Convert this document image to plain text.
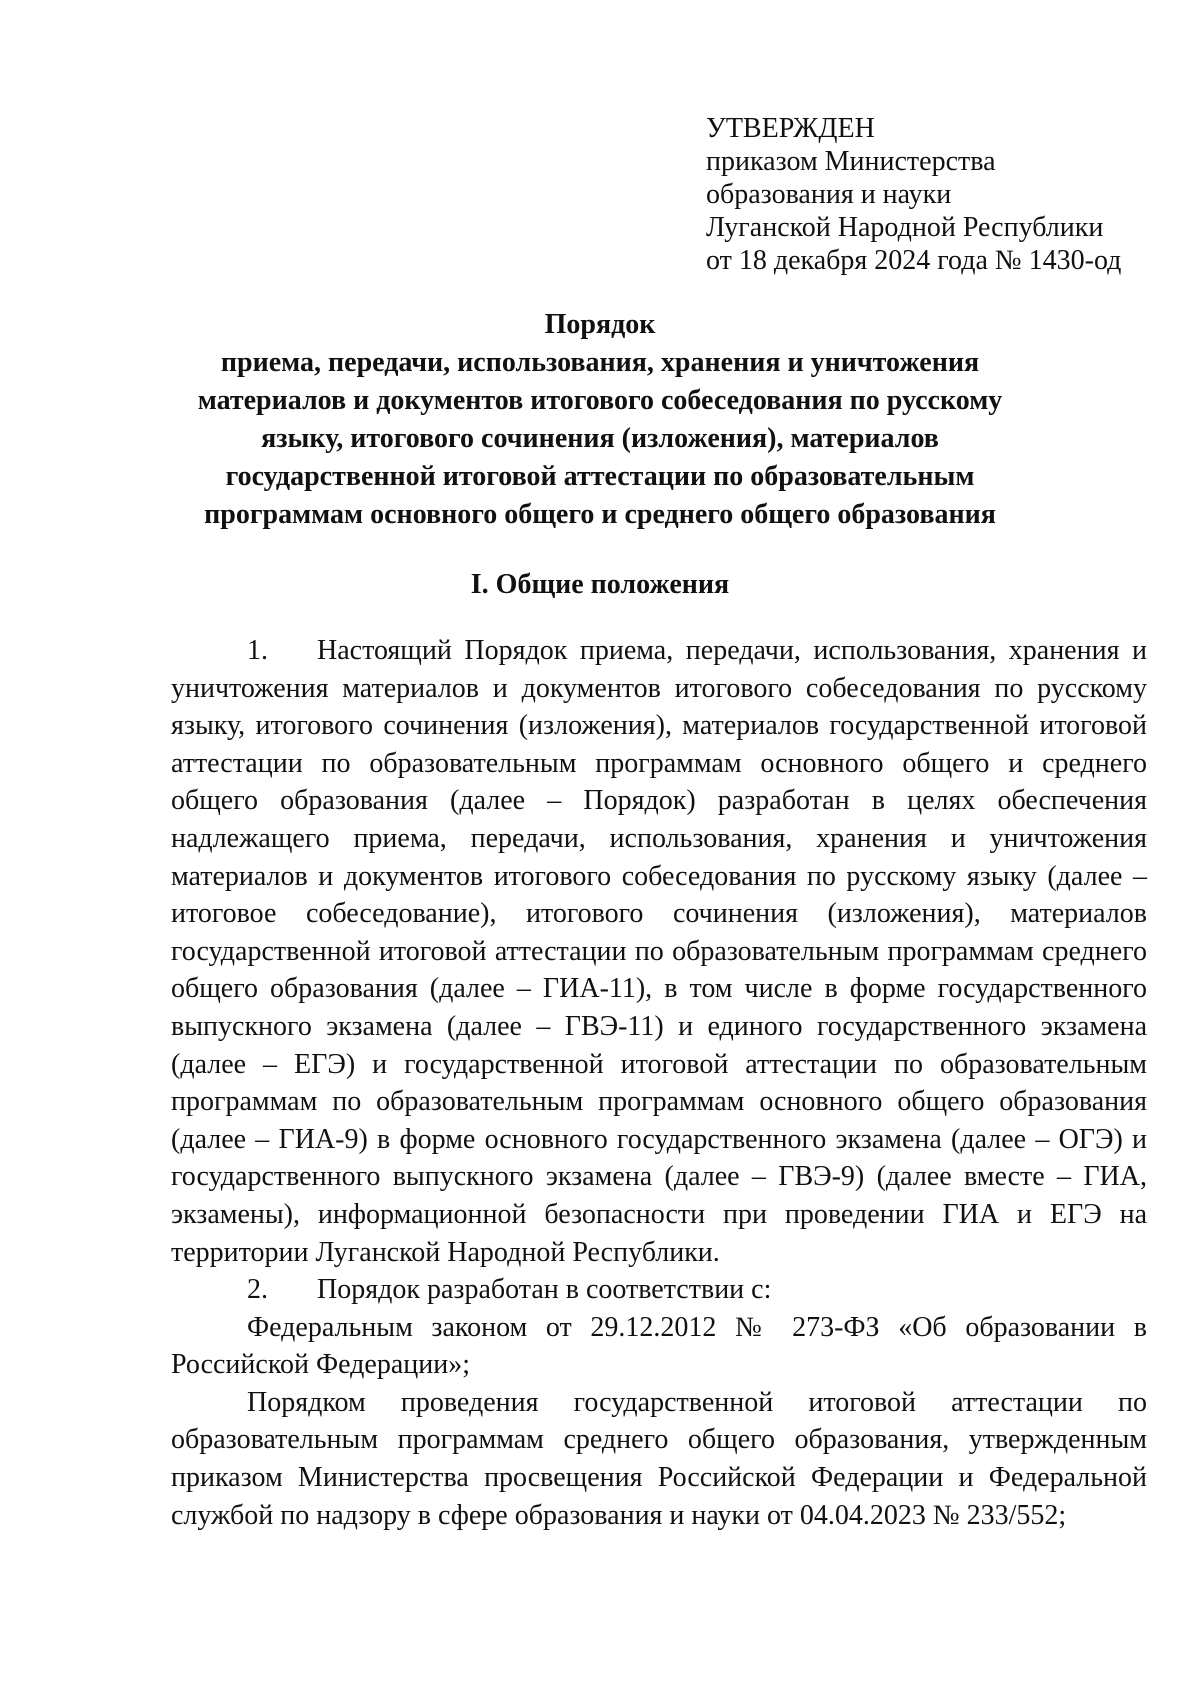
УТВЕРЖДЕН
приказом Министерства
образования и науки
Луганской Народной Республики
от 18 декабря 2024 года № 1430-од
Порядок
приема, передачи, использования, хранения и уничтожения материалов и документов итогового собеседования по русскому языку, итогового сочинения (изложения), материалов государственной итоговой аттестации по образовательным программам основного общего и среднего общего образования
I. Общие положения

1. Настоящий Порядок приема, передачи, использования, хранения и уничтожения материалов и документов итогового собеседования по русскому языку, итогового сочинения (изложения), материалов государственной итоговой аттестации по образовательным программам основного общего и среднего общего образования (далее – Порядок) разработан в целях обеспечения надлежащего приема, передачи, использования, хранения и уничтожения материалов и документов итогового собеседования по русскому языку (далее – итоговое собеседование), итогового сочинения (изложения), материалов государственной итоговой аттестации по образовательным программам среднего общего образования (далее – ГИА-11), в том числе в форме государственного выпускного экзамена (далее – ГВЭ-11) и единого государственного экзамена (далее – ЕГЭ) и государственной итоговой аттестации по образовательным программам по образовательным программам основного общего образования (далее – ГИА-9) в форме основного государственного экзамена (далее – ОГЭ) и государственного выпускного экзамена (далее – ГВЭ-9) (далее вместе – ГИА, экзамены), информационной безопасности при проведении ГИА и ЕГЭ на территории Луганской Народной Республики.

2. Порядок разработан в соответствии с:

Федеральным законом от 29.12.2012 № 273-ФЗ «Об образовании в Российской Федерации»;

Порядком проведения государственной итоговой аттестации по образовательным программам среднего общего образования, утвержденным приказом Министерства просвещения Российской Федерации и Федеральной службой по надзору в сфере образования и науки от 04.04.2023 № 233/552;
